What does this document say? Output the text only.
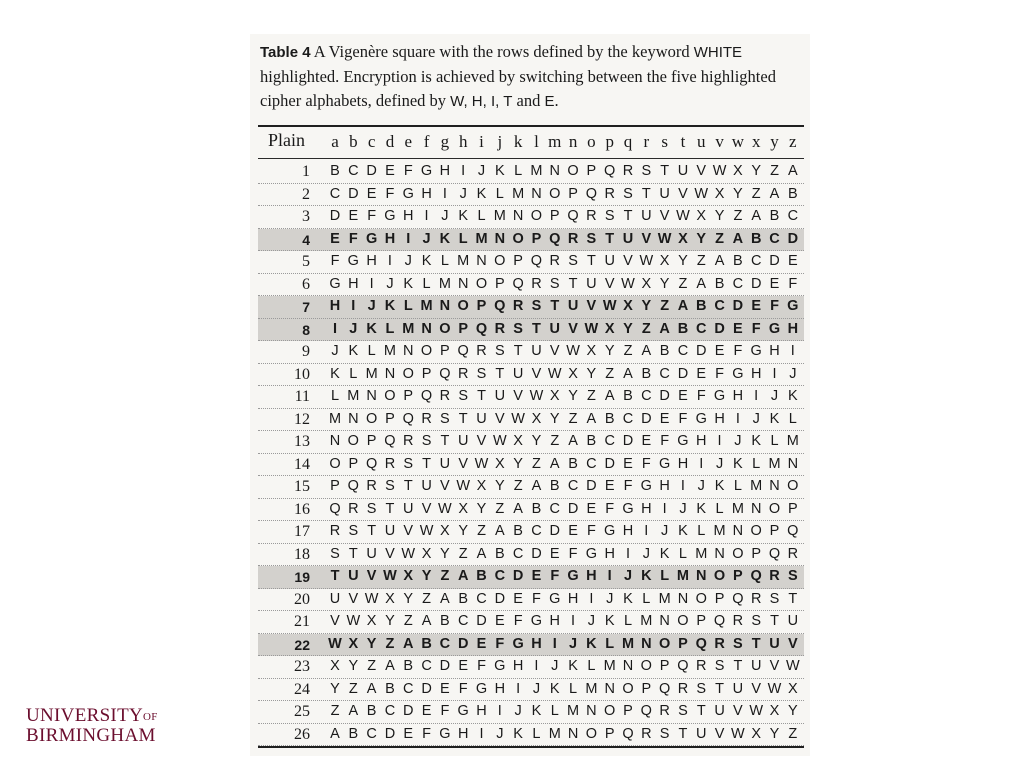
Table 4 A Vigenère square with the rows defined by the keyword WHITE highlighted. Encryption is achieved by switching between the five highlighted cipher alphabets, defined by W, H, I, T and E.

Plain	a b c d e f g h i j k l m n o p q r s t u v w x y z
1 B C D E F G H I J K L M N O P Q R S T U V W X Y Z A
2 C D E F G H I J K L M N O P Q R S T U V W X Y Z A B
3 D E F G H I J K L M N O P Q R S T U V W X Y Z A B C
4 E F G H I J K L M N O P Q R S T U V W X Y Z A B C D
5	F G H I J K L M N O P Q R S T U V W X Y Z A B C D E
6 G H I J K L M N O P Q R S T U V W X Y Z A B C D E F
7 H I J K L M N O P Q R S T U V W X Y Z A B C D E F G
8	I J K L M N O P Q R S T U V W X Y Z A B C D E F G H
9	J K L M N O P Q R S T U V W X Y Z A B C D E F G H I
10 K L M N O P Q R S T U V W X Y Z A B C D E F G H I J
11	L M N O P Q R S T U V W X Y Z A B C D E F G H I J K
12 M N O P Q R S T U V W X Y Z A B C D E F G H I J K L
13 N O P Q R S T U V W X Y Z A B C D E F G H I J K L M
14 O P Q R S T U V W X Y Z A B C D E F G H I J K L M N
15 P Q R S T U V W X Y Z A B C D E F G H I J K L M N O
16 Q R S T U V W X Y Z A B C D E F G H I J K L M N O P
17 R S T U V W X Y Z A B C D E F G H I J K L M N O P Q
18 S T U V W X Y Z A B C D E F G H I J K L M N O P Q R
19	T U V W X Y Z A B C D E F G H I J K L M N O P Q R S
20 U V W X Y Z A B C D E F G H I J K L M N O P Q R S T
21 V W X Y Z A B C D E F G H I J K L M N O P Q R S T U
22 W X Y Z A B C D E F G H I J K L M N O P Q R S T U V
23 X Y Z A B C D E F G H I J K L M N O P Q R S T U V W
24 Y Z A B C D E F G H I J K L M N O P Q R S T U V W X
25	Z A B C D E F G H I J K L M N O P Q R S T U V W X Y
26 A B C D E F G H I J K L M N O P Q R S T U V W X Y Z
$UNIVERSITY^{OF}$
BIRMINGHAM
